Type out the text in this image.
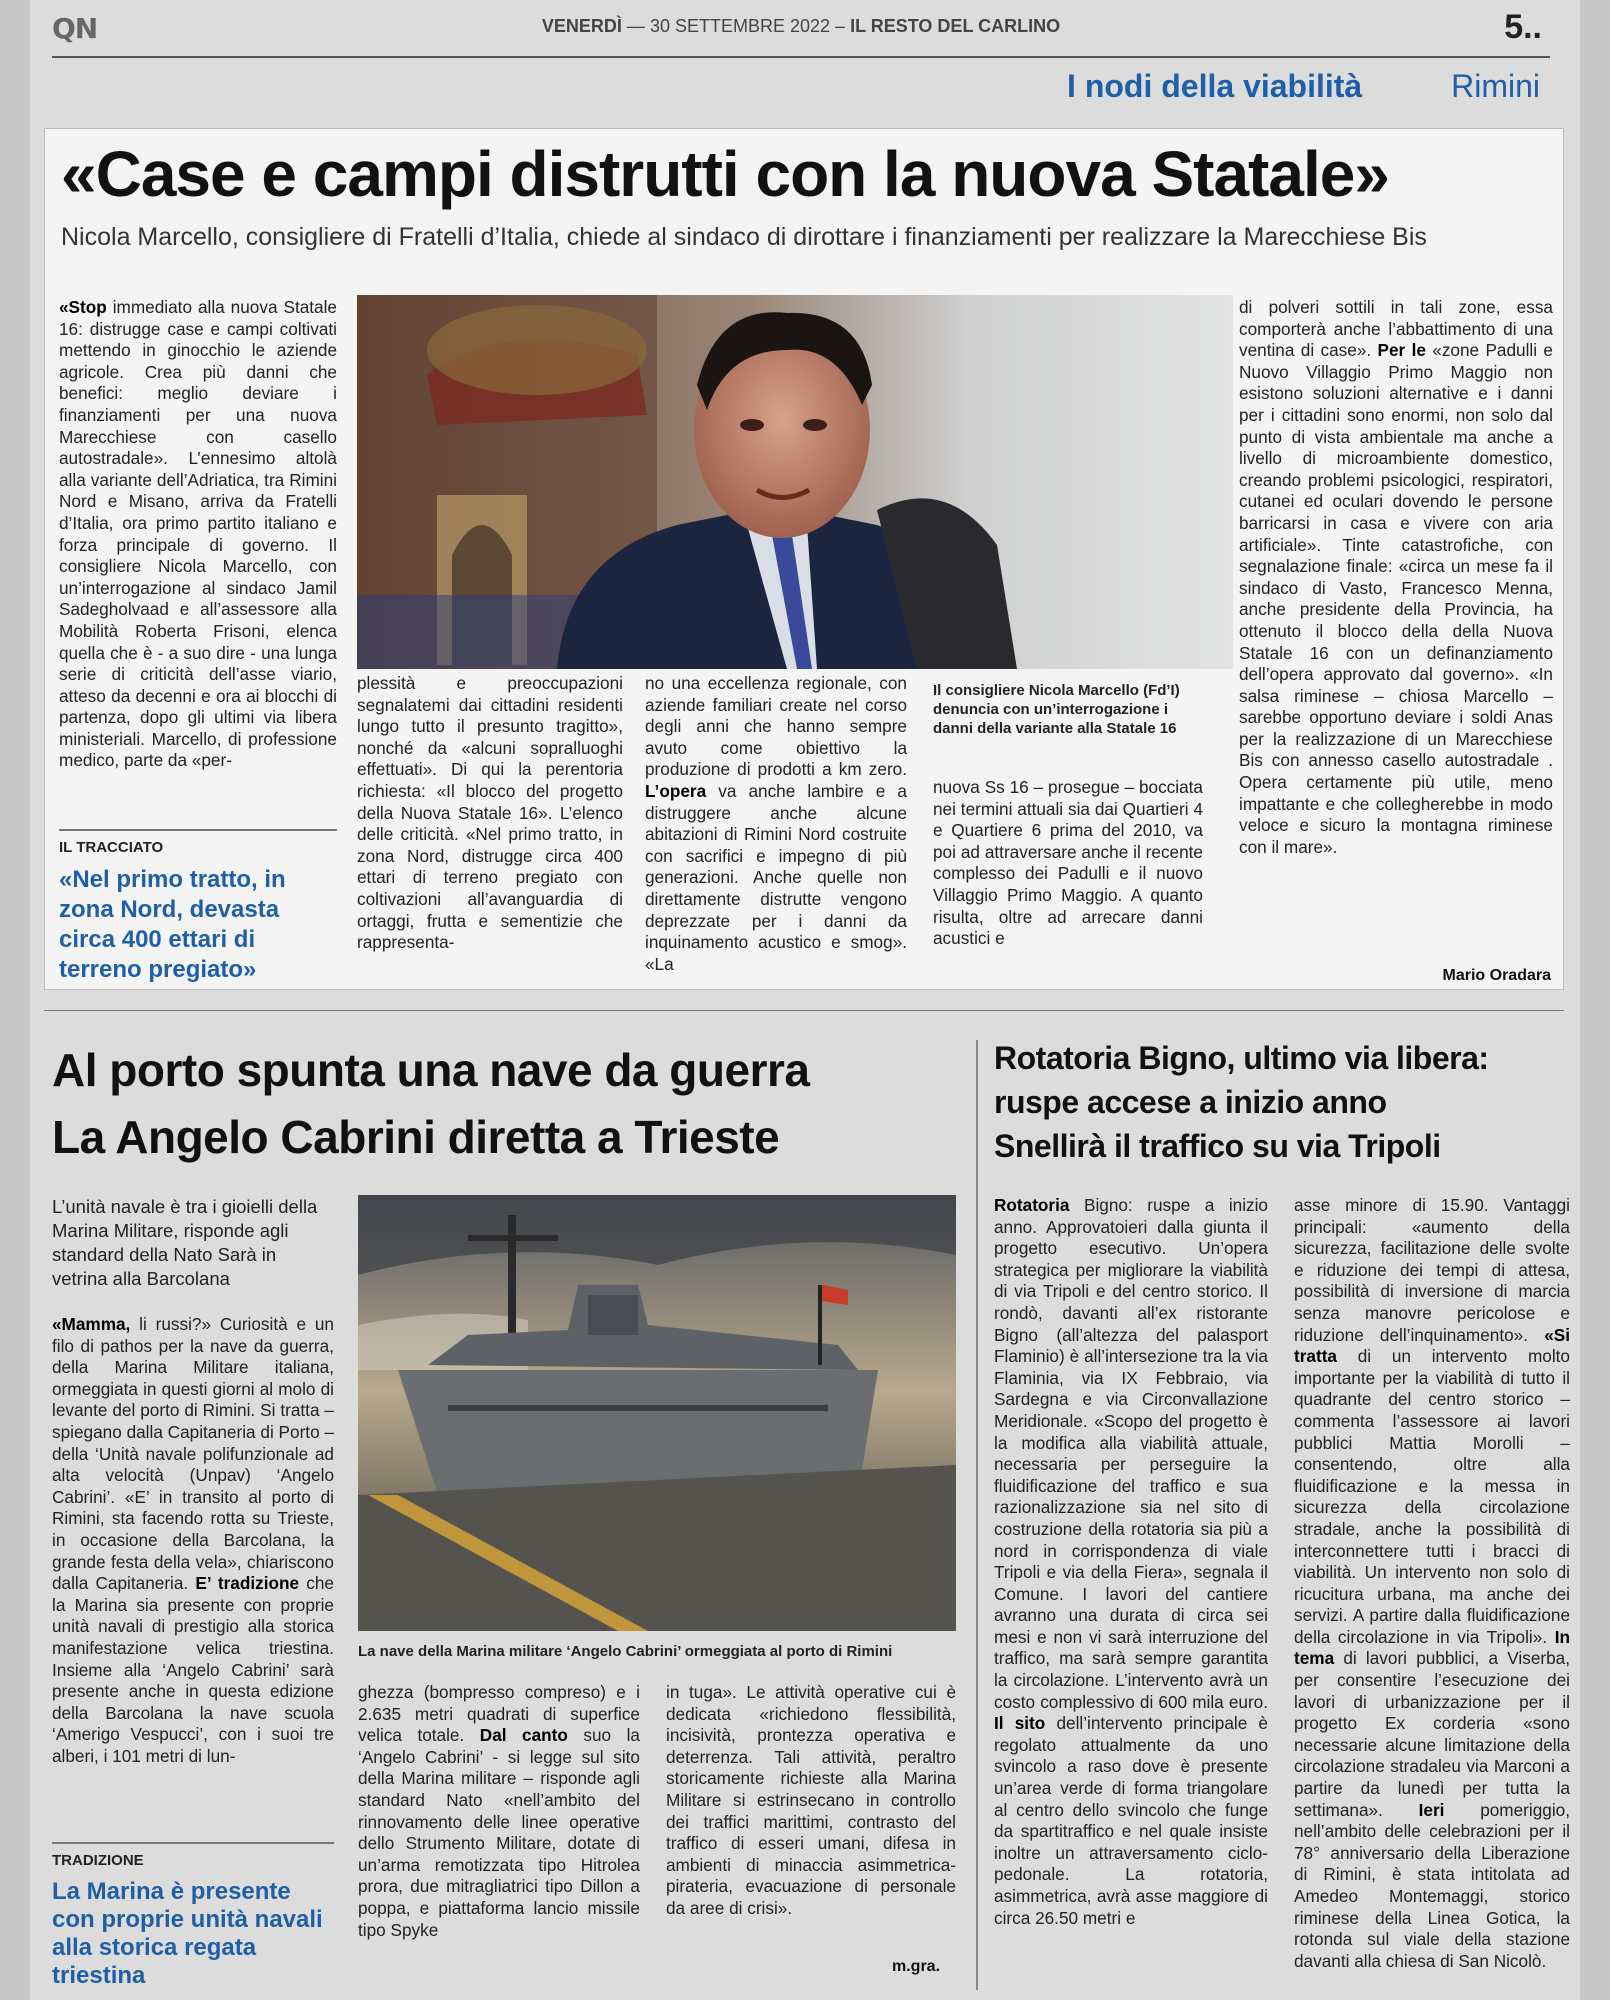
QN	VENERDÌ — 30 SETTEMBRE 2022 – IL RESTO DEL CARLINO	5..
I nodi della viabilità	Rimini
«Case e campi distrutti con la nuova Statale»
Nicola Marcello, consigliere di Fratelli d’Italia, chiede al sindaco di dirottare i finanziamenti per realizzare la Marecchiese Bis
«Stop immediato alla nuova Statale 16: distrugge case e campi coltivati mettendo in ginocchio le aziende agricole. Crea più danni che benefici: meglio deviare i finanziamenti per una nuova Marecchiese con casello autostradale». L’ennesimo altolà alla variante dell’Adriatica, tra Rimini Nord e Misano, arriva da Fratelli d’Italia, ora primo partito italiano e forza principale di governo. Il consigliere Nicola Marcello, con un’interrogazione al sindaco Jamil Sadegholvaad e all’assessore alla Mobilità Roberta Frisoni, elenca quella che è - a suo dire - una lunga serie di criticità dell’asse viario, atteso da decenni e ora ai blocchi di partenza, dopo gli ultimi via libera ministeriali. Marcello, di professione medico, parte da «per-
IL TRACCIATO
«Nel primo tratto, in zona Nord, devasta circa 400 ettari di terreno pregiato»
plessità e preoccupazioni segnalatemi dai cittadini residenti lungo tutto il presunto tragitto», nonché da «alcuni sopralluoghi effettuati». Di qui la perentoria richiesta: «Il blocco del progetto della Nuova Statale 16». L’elenco delle criticità. «Nel primo tratto, in zona Nord, distrugge circa 400 ettari di terreno pregiato con coltivazioni all’avanguardia di ortaggi, frutta e sementizie che rappresenta-
no una eccellenza regionale, con aziende familiari create nel corso degli anni che hanno sempre avuto come obiettivo la produzione di prodotti a km zero. L’opera va anche lambire e a distruggere anche alcune abitazioni di Rimini Nord costruite con sacrifici e impegno di più generazioni. Anche quelle non direttamente distrutte vengono deprezzate per i danni da inquinamento acustico e smog». «La
Il consigliere Nicola Marcello (Fd’I) denuncia con un’interrogazione i danni della variante alla Statale 16
nuova Ss 16 – prosegue – bocciata nei termini attuali sia dai Quartieri 4 e Quartiere 6 prima del 2010, va poi ad attraversare anche il recente complesso dei Padulli e il nuovo Villaggio Primo Maggio. A quanto risulta, oltre ad arrecare danni acustici e
di polveri sottili in tali zone, essa comporterà anche l’abbattimento di una ventina di case». Per le «zone Padulli e Nuovo Villaggio Primo Maggio non esistono soluzioni alternative e i danni per i cittadini sono enormi, non solo dal punto di vista ambientale ma anche a livello di microambiente domestico, creando problemi psicologici, respiratori, cutanei ed oculari dovendo le persone barricarsi in casa e vivere con aria artificiale». Tinte catastrofiche, con segnalazione finale: «circa un mese fa il sindaco di Vasto, Francesco Menna, anche presidente della Provincia, ha ottenuto il blocco della della Nuova Statale 16 con un definanziamento dell’opera approvato dal governo». «In salsa riminese – chiosa Marcello – sarebbe opportuno deviare i soldi Anas per la realizzazione di un Marecchiese Bis con annesso casello autostradale . Opera certamente più utile, meno impattante e che collegherebbe in modo veloce e sicuro la montagna riminese con il mare».
Mario Oradara
Al porto spunta una nave da guerra
La Angelo Cabrini diretta a Trieste
L’unità navale è tra i gioielli della Marina Militare, risponde agli standard della Nato Sarà in vetrina alla Barcolana
«Mamma, li russi?» Curiosità e un filo di pathos per la nave da guerra, della Marina Militare italiana, ormeggiata in questi giorni al molo di levante del porto di Rimini. Si tratta – spiegano dalla Capitaneria di Porto – della ‘Unità navale polifunzionale ad alta velocità (Unpav) ‘Angelo Cabrini’. «E’ in transito al porto di Rimini, sta facendo rotta su Trieste, in occasione della Barcolana, la grande festa della vela», chiariscono dalla Capitaneria. E’ tradizione che la Marina sia presente con proprie unità navali di prestigio alla storica manifestazione velica triestina. Insieme alla ‘Angelo Cabrini’ sarà presente anche in questa edizione della Barcolana la nave scuola ‘Amerigo Vespucci’, con i suoi tre alberi, i 101 metri di lun-
TRADIZIONE
La Marina è presente con proprie unità navali alla storica regata triestina
La nave della Marina militare ‘Angelo Cabrini’ ormeggiata al porto di Rimini
ghezza (bompresso compreso) e i 2.635 metri quadrati di superfice velica totale. Dal canto suo la ‘Angelo Cabrini’ - si legge sul sito della Marina militare – risponde agli standard Nato «nell’ambito del rinnovamento delle linee operative dello Strumento Militare, dotate di un’arma remotizzata tipo Hitrolea prora, due mitragliatrici tipo Dillon a poppa, e piattaforma lancio missile tipo Spyke
in tuga». Le attività operative cui è dedicata «richiedono flessibilità, incisività, prontezza operativa e deterrenza. Tali attività, peraltro storicamente richieste alla Marina Militare si estrinsecano in controllo dei traffici marittimi, contrasto del traffico di esseri umani, difesa in ambienti di minaccia asimmetrica-pirateria, evacuazione di personale da aree di crisi».
m.gra.
Rotatoria Bigno, ultimo via libera:
ruspe accese a inizio anno
Snellirà il traffico su via Tripoli
Rotatoria Bigno: ruspe a inizio anno. Approvatoieri dalla giunta il progetto esecutivo. Un’opera strategica per migliorare la viabilità di via Tripoli e del centro storico. Il rondò, davanti all’ex ristorante Bigno (all’altezza del palasport Flaminio) è all’intersezione tra la via Flaminia, via IX Febbraio, via Sardegna e via Circonvallazione Meridionale. «Scopo del progetto è la modifica alla viabilità attuale, necessaria per perseguire la fluidificazione del traffico e sua razionalizzazione sia nel sito di costruzione della rotatoria sia più a nord in corrispondenza di viale Tripoli e via della Fiera», segnala il Comune. I lavori del cantiere avranno una durata di circa sei mesi e non vi sarà interruzione del traffico, ma sarà sempre garantita la circolazione. L’intervento avrà un costo complessivo di 600 mila euro. Il sito dell’intervento principale è regolato attualmente da uno svincolo a raso dove è presente un’area verde di forma triangolare al centro dello svincolo che funge da spartitraffico e nel quale insiste inoltre un attraversamento ciclo-pedonale. La rotatoria, asimmetrica, avrà asse maggiore di circa 26.50 metri e
asse minore di 15.90. Vantaggi principali: «aumento della sicurezza, facilitazione delle svolte e riduzione dei tempi di attesa, possibilità di inversione di marcia senza manovre pericolose e riduzione dell’inquinamento». «Si tratta di un intervento molto importante per la viabilità di tutto il quadrante del centro storico – commenta l’assessore ai lavori pubblici Mattia Morolli – consentendo, oltre alla fluidificazione e la messa in sicurezza della circolazione stradale, anche la possibilità di interconnettere tutti i bracci di viabilità. Un intervento non solo di ricucitura urbana, ma anche dei servizi. A partire dalla fluidificazione della circolazione in via Tripoli». In tema di lavori pubblici, a Viserba, per consentire l’esecuzione dei lavori di urbanizzazione per il progetto Ex corderia «sono necessarie alcune limitazione della circolazione stradaleu via Marconi a partire da lunedì per tutta la settimana». Ieri pomeriggio, nell’ambito delle celebrazioni per il 78° anniversario della Liberazione di Rimini, è stata intitolata ad Amedeo Montemaggi, storico riminese della Linea Gotica, la rotonda sul viale della stazione davanti alla chiesa di San Nicolò.
